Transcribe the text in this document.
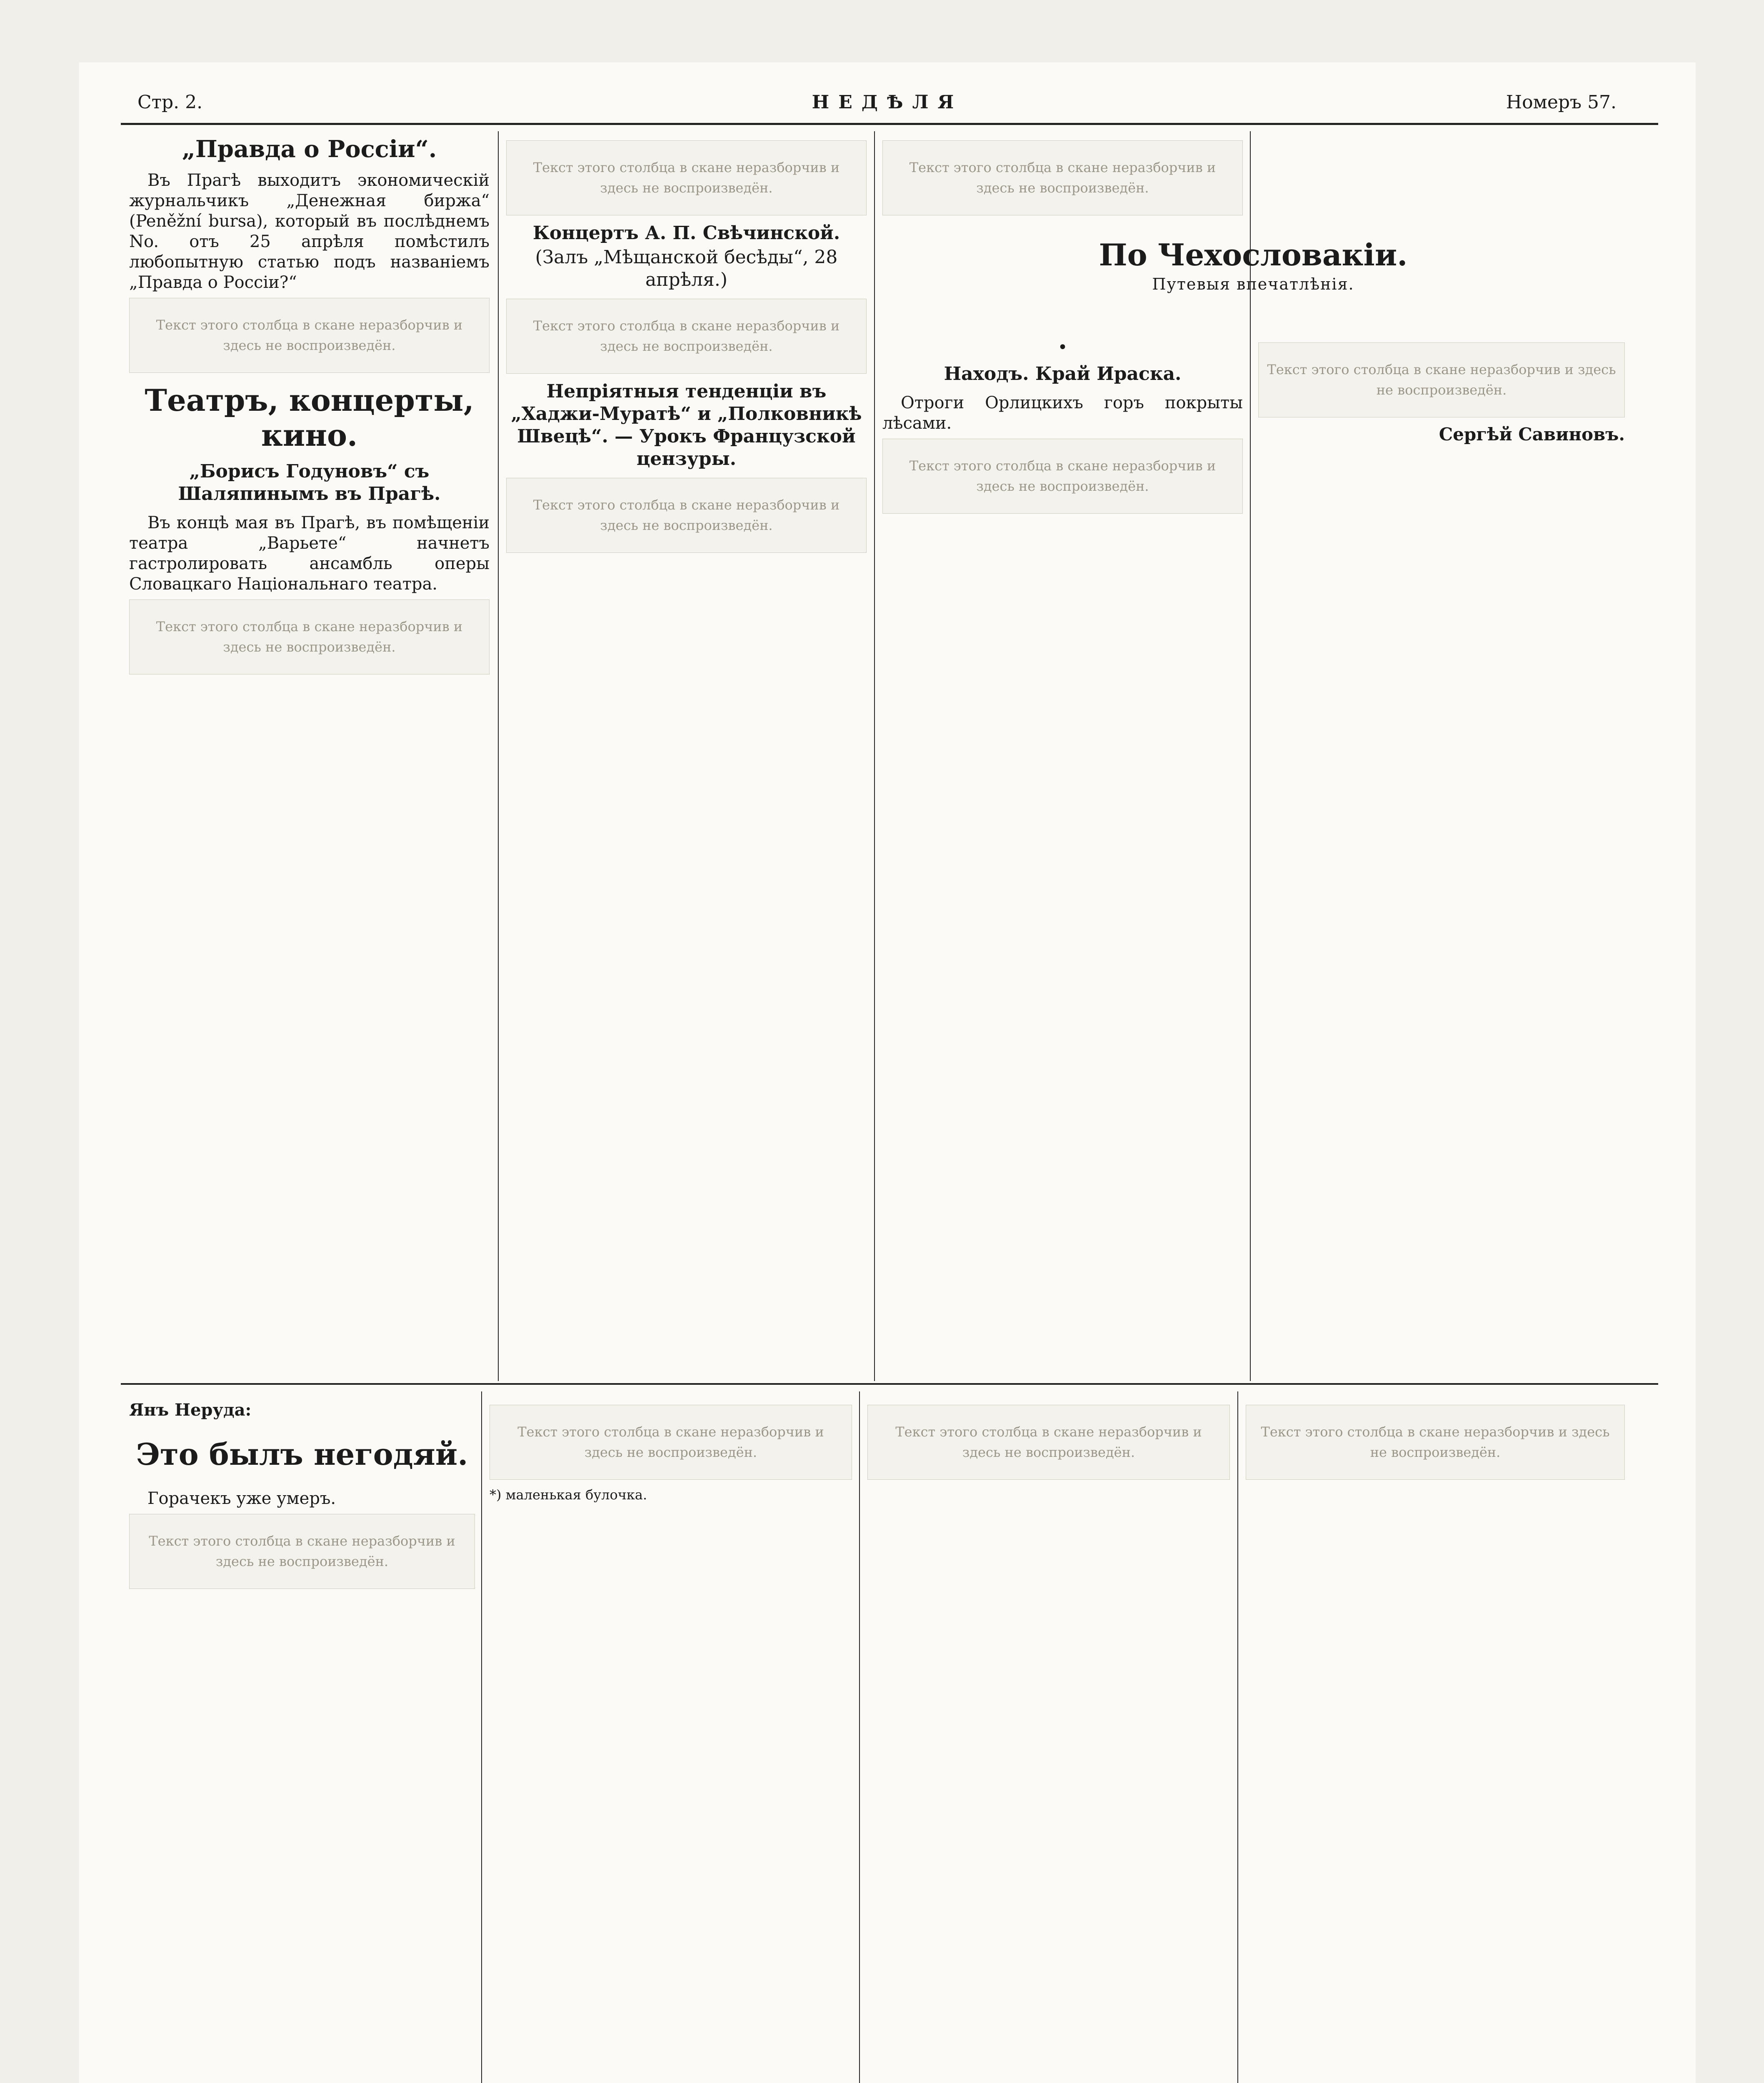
Стр. 2.	НЕДѢЛЯ	Номеръ 57.
„Правда о Россіи“.

Въ Прагѣ выходитъ экономическій журнальчикъ „Денежная биржа“ (Peněžní bursa), который въ послѣднемъ No. отъ 25 апрѣля помѣстилъ любопытную статью подъ названіемъ „Правда о Россіи?“

Текст этого столбца в скане неразборчив и здесь не воспроизведён.
Театръ, концерты, кино.
„Борисъ Годуновъ“ съ Шаляпинымъ въ Прагѣ.

Въ концѣ мая въ Прагѣ, въ помѣщеніи театра „Варьете“ начнетъ гастролировать ансамбль оперы Словацкаго Національнаго театра.

Текст этого столбца в скане неразборчив и здесь не воспроизведён.
Текст этого столбца в скане неразборчив и здесь не воспроизведён.
Концертъ А. П. Свѣчинской.
(Залъ „Мѣщанской бесѣды“, 28 апрѣля.)
Текст этого столбца в скане неразборчив и здесь не воспроизведён.
Непріятныя тенденціи въ „Хаджи-Муратѣ“ и „Полковникѣ Швецѣ“. — Урокъ Французской цензуры.
Текст этого столбца в скане неразборчив и здесь не воспроизведён.
Текст этого столбца в скане неразборчив и здесь не воспроизведён.
По Чехословакіи.
Путевыя впечатлѣнія.
•
Находъ. Край Ираска.

Отроги Орлицкихъ горъ покрыты лѣсами.

Текст этого столбца в скане неразборчив и здесь не воспроизведён.
Текст этого столбца в скане неразборчив и здесь не воспроизведён.
Сергѣй Савиновъ.
Янъ Неруда:
Это былъ негодяй.

Горачекъ уже умеръ.

Текст этого столбца в скане неразборчив и здесь не воспроизведён.
Текст этого столбца в скане неразборчив и здесь не воспроизведён.
*) маленькая булочка.
Текст этого столбца в скане неразборчив и здесь не воспроизведён.
Текст этого столбца в скане неразборчив и здесь не воспроизведён.
